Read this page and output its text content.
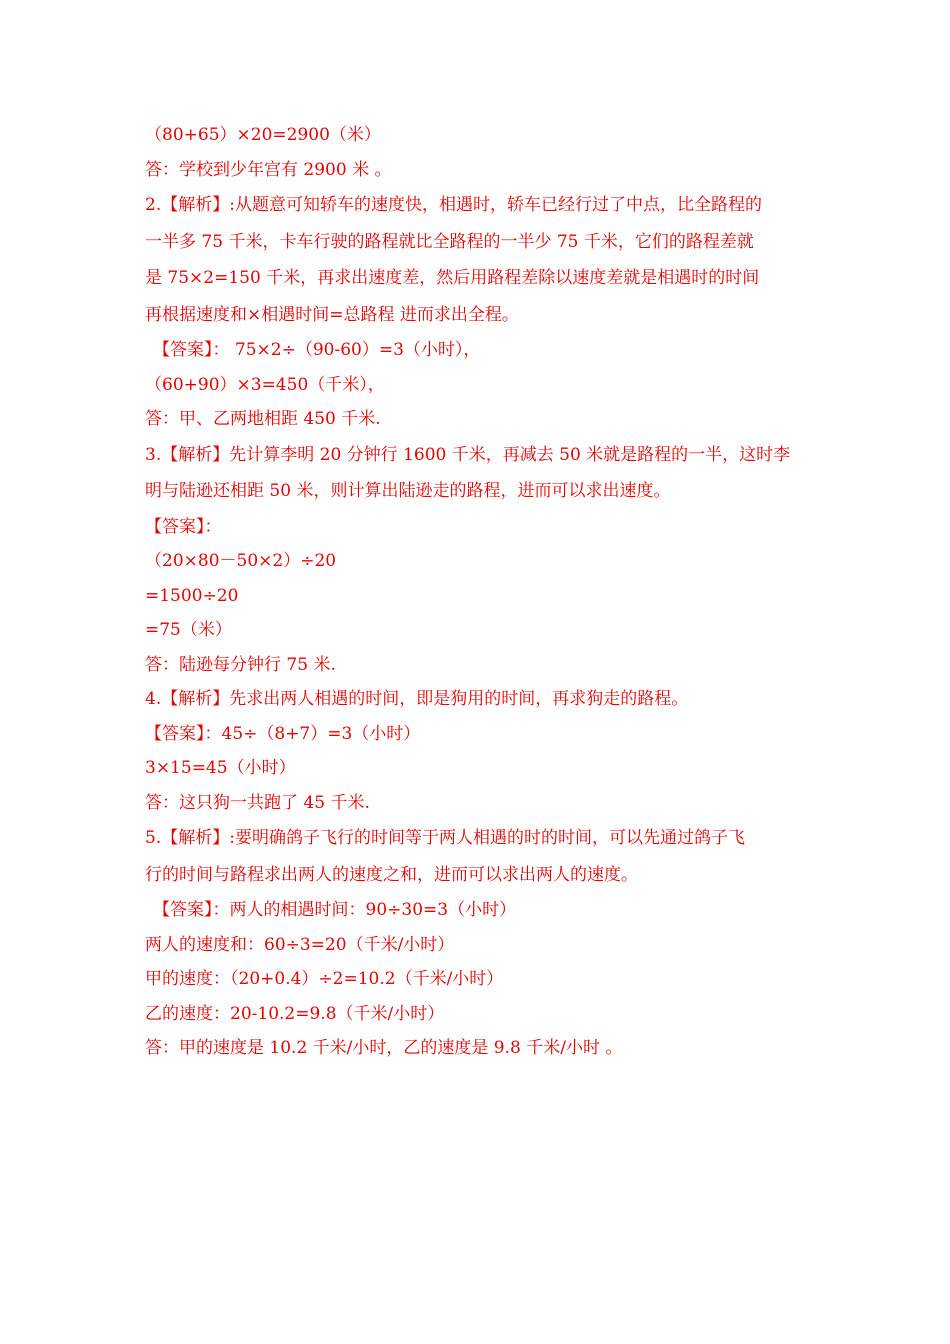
（80+65）×20=2900（米）
答：学校到少年宫有 2900 米 。
2.【解析】:从题意可知轿车的速度快，相遇时，轿车已经行过了中点，比全路程的
一半多 75 千米，卡车行驶的路程就比全路程的一半少 75 千米，它们的路程差就
是 75×2=150 千米，再求出速度差，然后用路程差除以速度差就是相遇时的时间
再根据速度和×相遇时间=总路程 进而求出全程。
【答案】： 75×2÷（90-60）=3（小时），
（60+90）×3=450（千米），
答：甲、乙两地相距 450 千米.
3.【解析】先计算李明 20 分钟行 1600 千米，再减去 50 米就是路程的一半，这时李
明与陆逊还相距 50 米，则计算出陆逊走的路程，进而可以求出速度。
【答案】：
（20×80－50×2）÷20
=1500÷20
=75（米）
答：陆逊每分钟行 75 米.
4.【解析】先求出两人相遇的时间，即是狗用的时间，再求狗走的路程。
【答案】：45÷（8+7）=3（小时）
3×15=45（小时）
答：这只狗一共跑了 45 千米.
5.【解析】:要明确鸽子飞行的时间等于两人相遇的时的时间，可以先通过鸽子飞
行的时间与路程求出两人的速度之和，进而可以求出两人的速度。
【答案】：两人的相遇时间：90÷30=3（小时）
两人的速度和：60÷3=20（千米/小时）
甲的速度：（20+0.4）÷2=10.2（千米/小时）
乙的速度：20-10.2=9.8（千米/小时）
答：甲的速度是 10.2 千米/小时，乙的速度是 9.8 千米/小时 。
